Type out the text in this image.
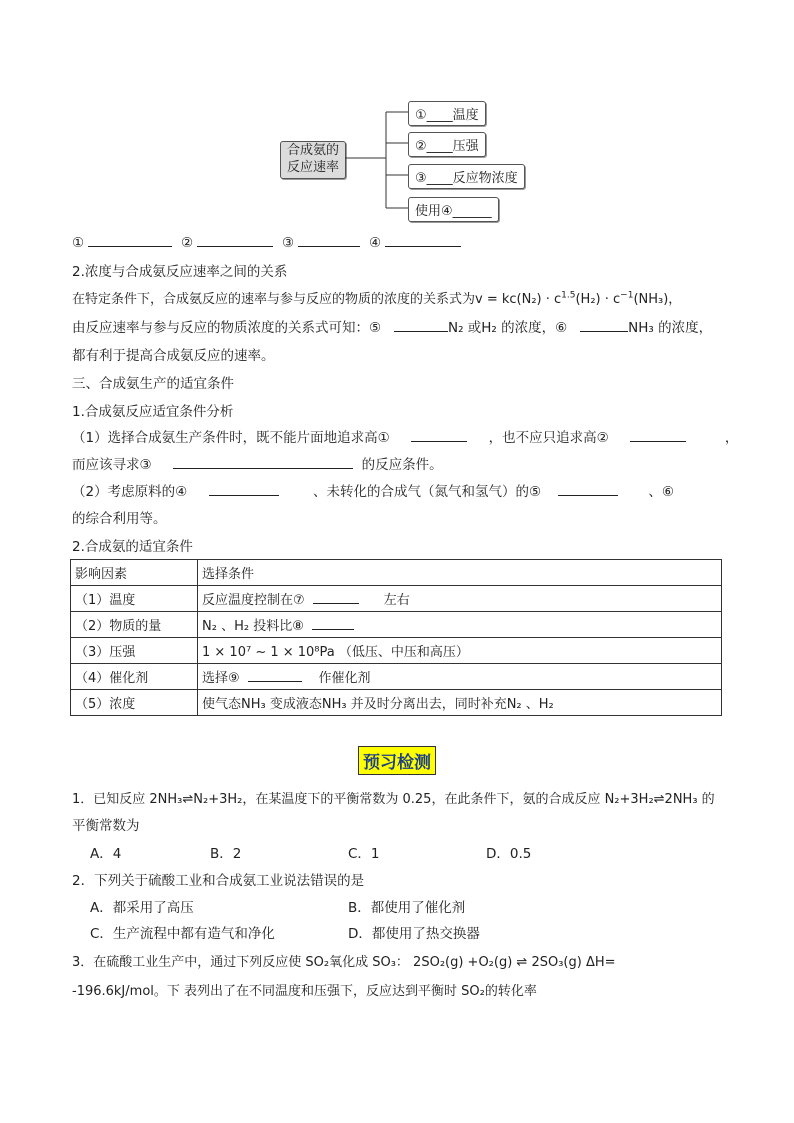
合成氨的
反应速率
①____温度
②____压强
③____反应物浓度
使用④______
①	②	③	④
2.浓度与合成氨反应速率之间的关系
在特定条件下，合成氨反应的速率与参与反应的物质的浓度的关系式为$v = kc(N_2) \cdot c^{1.5}(H_2) \cdot c^{-1}(NH_3)$，
由反应速率与参与反应的物质浓度的关系式可知：⑤	N₂ 或H₂ 的浓度，⑥	NH₃ 的浓度，
都有利于提高合成氨反应的速率。
三、合成氨生产的适宜条件
1.合成氨反应适宜条件分析
（1）选择合成氨生产条件时，既不能片面地追求高①	，也不应只追求高②	，
而应该寻求③	的反应条件。
（2）考虑原料的④	、未转化的合成气（氮气和氢气）的⑤	、⑥
的综合利用等。
2.合成氨的适宜条件
影响因素	选择条件
（1）温度	反应温度控制在⑦ 左右
（2）物质的量	N₂ 、H₂ 投料比⑧
（3）压强	1 × 10⁷ ~ 1 × 10⁸Pa （低压、中压和高压）
（4）催化剂	选择⑨ 作催化剂
（5）浓度	使气态NH₃ 变成液态NH₃ 并及时分离出去，同时补充N₂ 、H₂
预习检测
1．已知反应 2NH₃⇌N₂+3H₂，在某温度下的平衡常数为 0.25，在此条件下，氨的合成反应 N₂+3H₂⇌2NH₃ 的
平衡常数为
A．4	B．2	C．1	D．0.5
2．下列关于硫酸工业和合成氨工业说法错误的是
A．都采用了高压	B．都使用了催化剂
C．生产流程中都有造气和净化	D．都使用了热交换器
3．在硫酸工业生产中，通过下列反应使 SO₂氧化成 SO₃： 2SO₂(g) +O₂(g) ⇌ 2SO₃(g) ΔH=
-196.6kJ/mol。下 表列出了在不同温度和压强下，反应达到平衡时 SO₂的转化率
